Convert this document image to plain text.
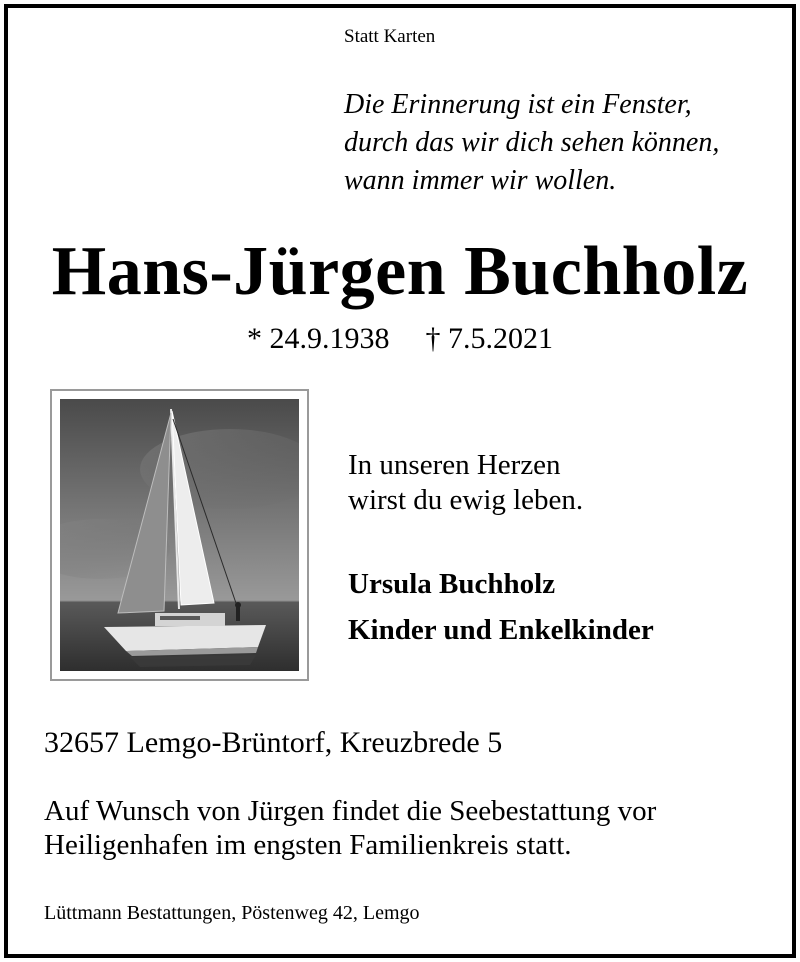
Statt Karten
Die Erinnerung ist ein Fenster,
durch das wir dich sehen können,
wann immer wir wollen.
Hans-Jürgen Buchholz
* 24.9.1938 † 7.5.2021
In unseren Herzen
wirst du ewig leben.
Ursula Buchholz
Kinder und Enkelkinder
32657 Lemgo-Brüntorf, Kreuzbrede 5
Auf Wunsch von Jürgen findet die Seebestattung vor
Heiligenhafen im engsten Familienkreis statt.
Lüttmann Bestattungen, Pöstenweg 42, Lemgo
